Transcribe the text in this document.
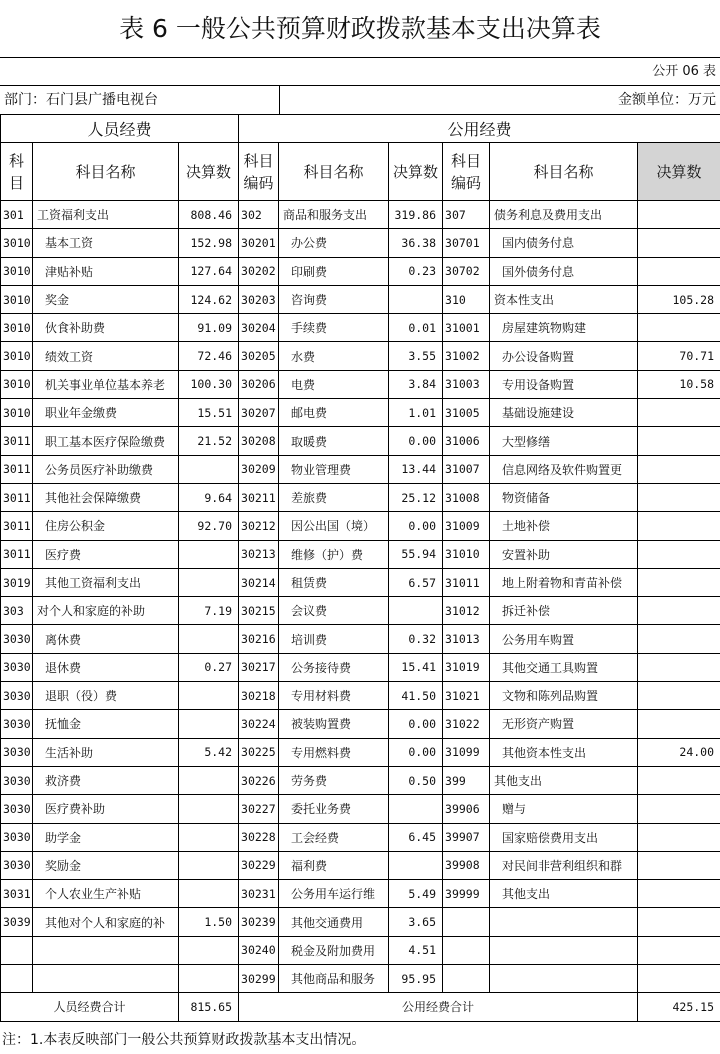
表 6 一般公共预算财政拨款基本支出决算表
公开 06 表
部门：石门县广播电视台	金额单位：万元
人员经费			公用经费					
科目	科目名称	决算数	科目编码	科目名称	决算数	科目编码	科目名称	决算数
301	工资福利支出	808.46	302	商品和服务支出	319.86	307	债务利息及费用支出	
3010	基本工资	152.98	30201	办公费	36.38	30701	国内债务付息	
3010	津贴补贴	127.64	30202	印刷费	0.23	30702	国外债务付息	
3010	奖金	124.62	30203	咨询费		310	资本性支出	105.28
3010	伙食补助费	91.09	30204	手续费	0.01	31001	房屋建筑物购建	
3010	绩效工资	72.46	30205	水费	3.55	31002	办公设备购置	70.71
3010	机关事业单位基本养老	100.30	30206	电费	3.84	31003	专用设备购置	10.58
3010	职业年金缴费	15.51	30207	邮电费	1.01	31005	基础设施建设	
3011	职工基本医疗保险缴费	21.52	30208	取暖费	0.00	31006	大型修缮	
3011	公务员医疗补助缴费		30209	物业管理费	13.44	31007	信息网络及软件购置更	
3011	其他社会保障缴费	9.64	30211	差旅费	25.12	31008	物资储备	
3011	住房公积金	92.70	30212	因公出国（境）	0.00	31009	土地补偿	
3011	医疗费		30213	维修（护）费	55.94	31010	安置补助	
3019	其他工资福利支出		30214	租赁费	6.57	31011	地上附着物和青苗补偿	
303	对个人和家庭的补助	7.19	30215	会议费		31012	拆迁补偿	
3030	离休费		30216	培训费	0.32	31013	公务用车购置	
3030	退休费	0.27	30217	公务接待费	15.41	31019	其他交通工具购置	
3030	退职（役）费		30218	专用材料费	41.50	31021	文物和陈列品购置	
3030	抚恤金		30224	被装购置费	0.00	31022	无形资产购置	
3030	生活补助	5.42	30225	专用燃料费	0.00	31099	其他资本性支出	24.00
3030	救济费		30226	劳务费	0.50	399	其他支出	
3030	医疗费补助		30227	委托业务费		39906	赠与	
3030	助学金		30228	工会经费	6.45	39907	国家赔偿费用支出	
3030	奖励金		30229	福利费		39908	对民间非营利组织和群	
3031	个人农业生产补贴		30231	公务用车运行维	5.49	39999	其他支出	
3039	其他对个人和家庭的补	1.50	30239	其他交通费用	3.65			
			30240	税金及附加费用	4.51			
			30299	其他商品和服务	95.95			
人员经费合计		815.65	公用经费合计					425.15
注：1.本表反映部门一般公共预算财政拨款基本支出情况。
